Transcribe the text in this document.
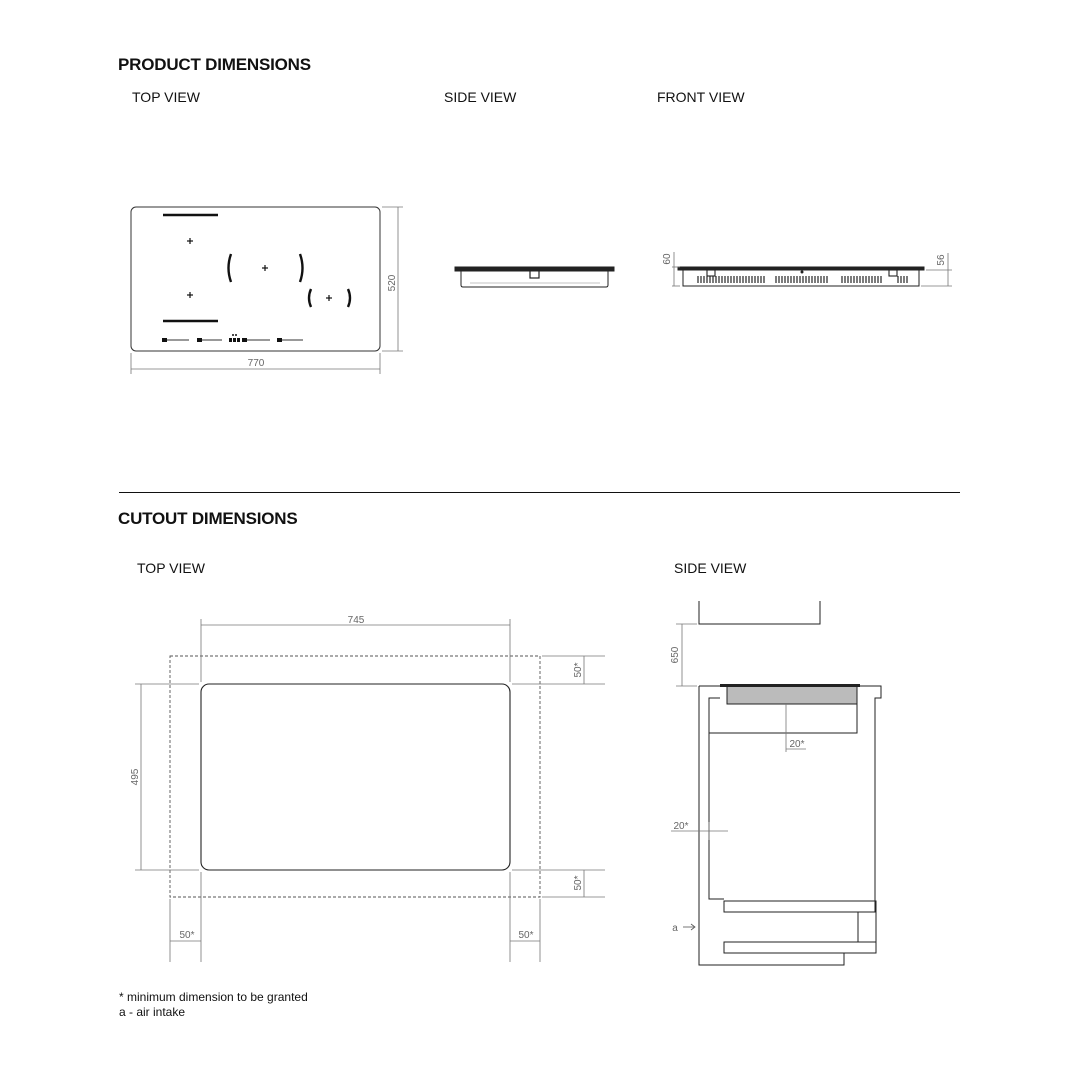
PRODUCT DIMENSIONS
TOP VIEW	SIDE VIEW	FRONT VIEW
CUTOUT DIMENSIONS
TOP VIEW	SIDE VIEW
770
520
60	56
745
495
50*
50*
50*	50*
650
20*
20*
a
* minimum dimension to be granted
a - air intake
